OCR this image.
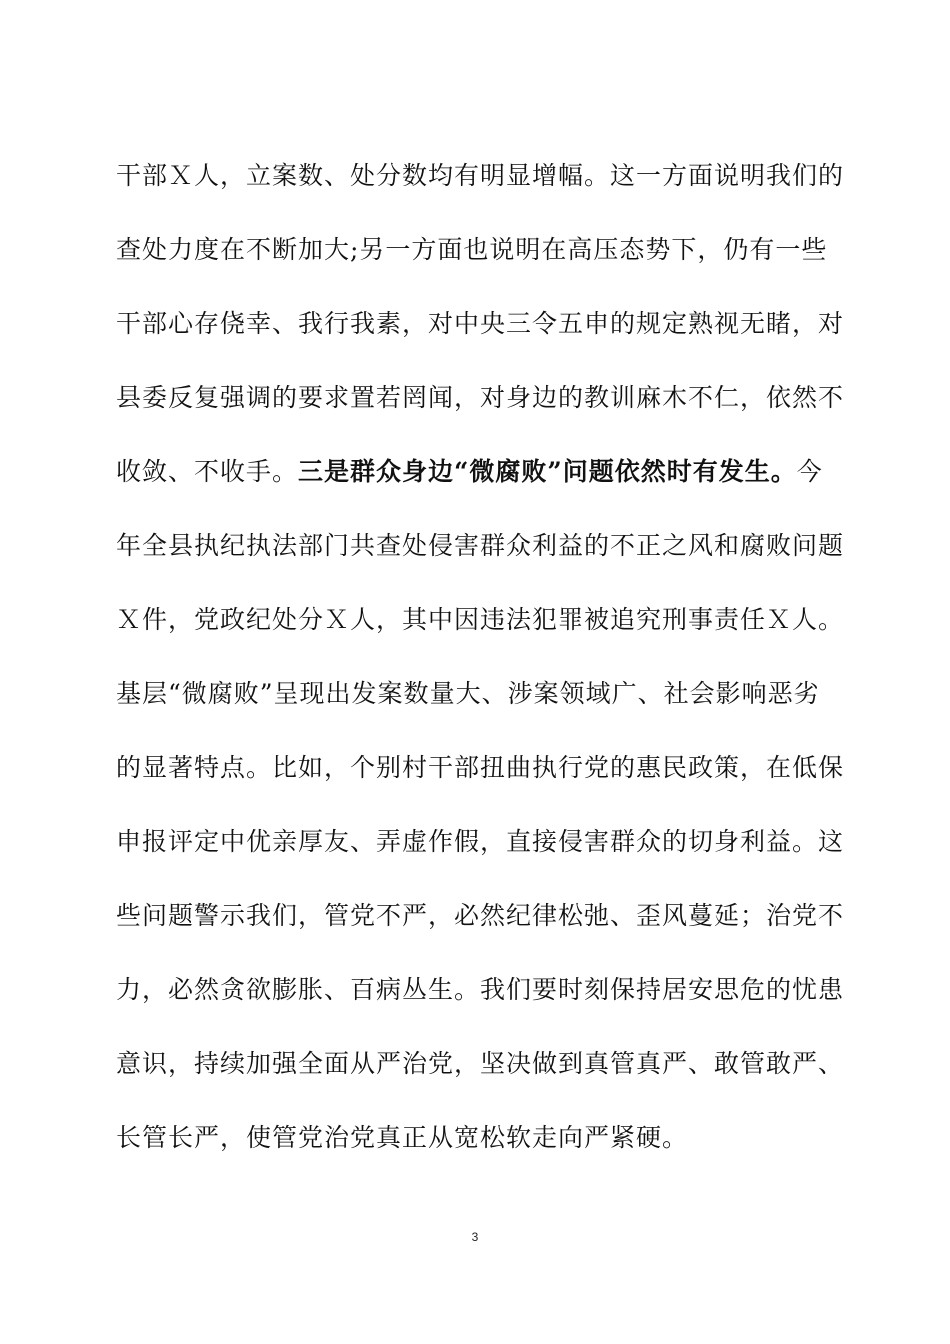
干部Ｘ人，立案数、处分数均有明显增幅。这一方面说明我们的
查处力度在不断加大;另一方面也说明在高压态势下，仍有一些
干部心存侥幸、我行我素，对中央三令五申的规定熟视无睹，对
县委反复强调的要求置若罔闻，对身边的教训麻木不仁，依然不
收敛、不收手。三是群众身边“微腐败”问题依然时有发生。今
年全县执纪执法部门共查处侵害群众利益的不正之风和腐败问题
Ｘ件，党政纪处分Ｘ人，其中因违法犯罪被追究刑事责任Ｘ人。
基层“微腐败”呈现出发案数量大、涉案领域广、社会影响恶劣
的显著特点。比如，个别村干部扭曲执行党的惠民政策，在低保
申报评定中优亲厚友、弄虚作假，直接侵害群众的切身利益。这
些问题警示我们，管党不严，必然纪律松弛、歪风蔓延；治党不
力，必然贪欲膨胀、百病丛生。我们要时刻保持居安思危的忧患
意识，持续加强全面从严治党，坚决做到真管真严、敢管敢严、
长管长严，使管党治党真正从宽松软走向严紧硬。
3
